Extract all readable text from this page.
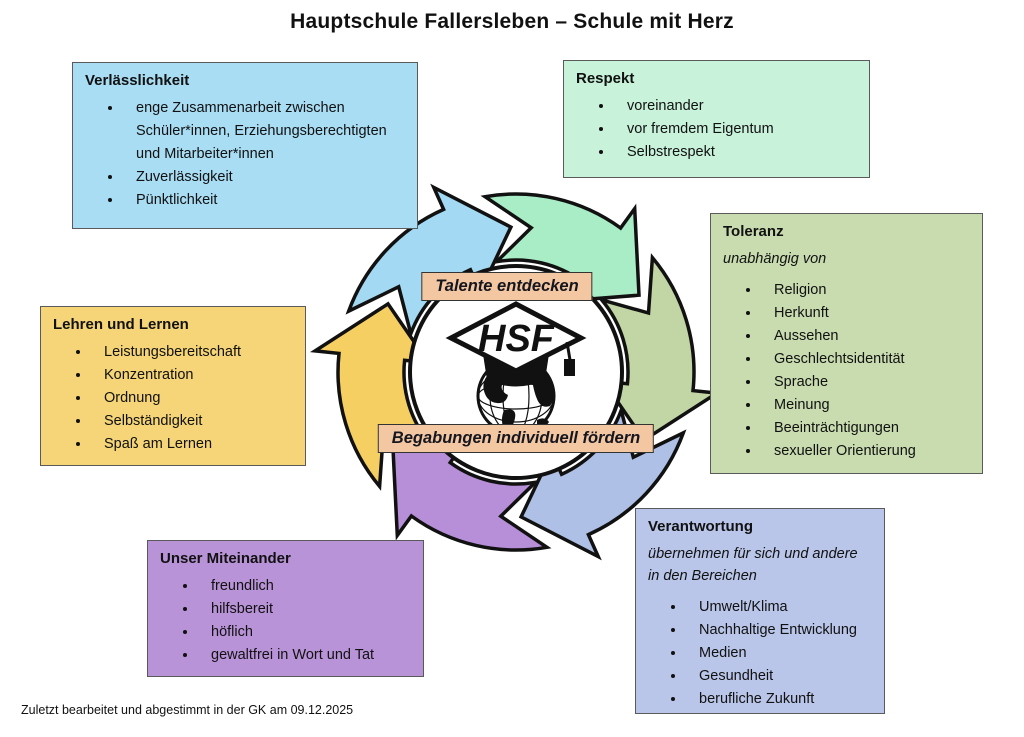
Hauptschule Fallersleben – Schule mit Herz
HSF
Talente entdecken
Begabungen individuell fördern
Verlässlichkeit
• enge Zusammenarbeit zwischen Schüler*innen, Erziehungsberechtigten und Mitarbeiter*innen
• Zuverlässigkeit
• Pünktlichkeit
Respekt
• voreinander
• vor fremdem Eigentum
• Selbstrespekt
Toleranz
unabhängig von
• Religion
• Herkunft
• Aussehen
• Geschlechtsidentität
• Sprache
• Meinung
• Beeinträchtigungen
• sexueller Orientierung
Lehren und Lernen
• Leistungsbereitschaft
• Konzentration
• Ordnung
• Selbständigkeit
• Spaß am Lernen
Unser Miteinander
• freundlich
• hilfsbereit
• höflich
• gewaltfrei in Wort und Tat
Verantwortung
übernehmen für sich und andere in den Bereichen
• Umwelt/Klima
• Nachhaltige Entwicklung
• Medien
• Gesundheit
• berufliche Zukunft
Zuletzt bearbeitet und abgestimmt in der GK am 09.12.2025
